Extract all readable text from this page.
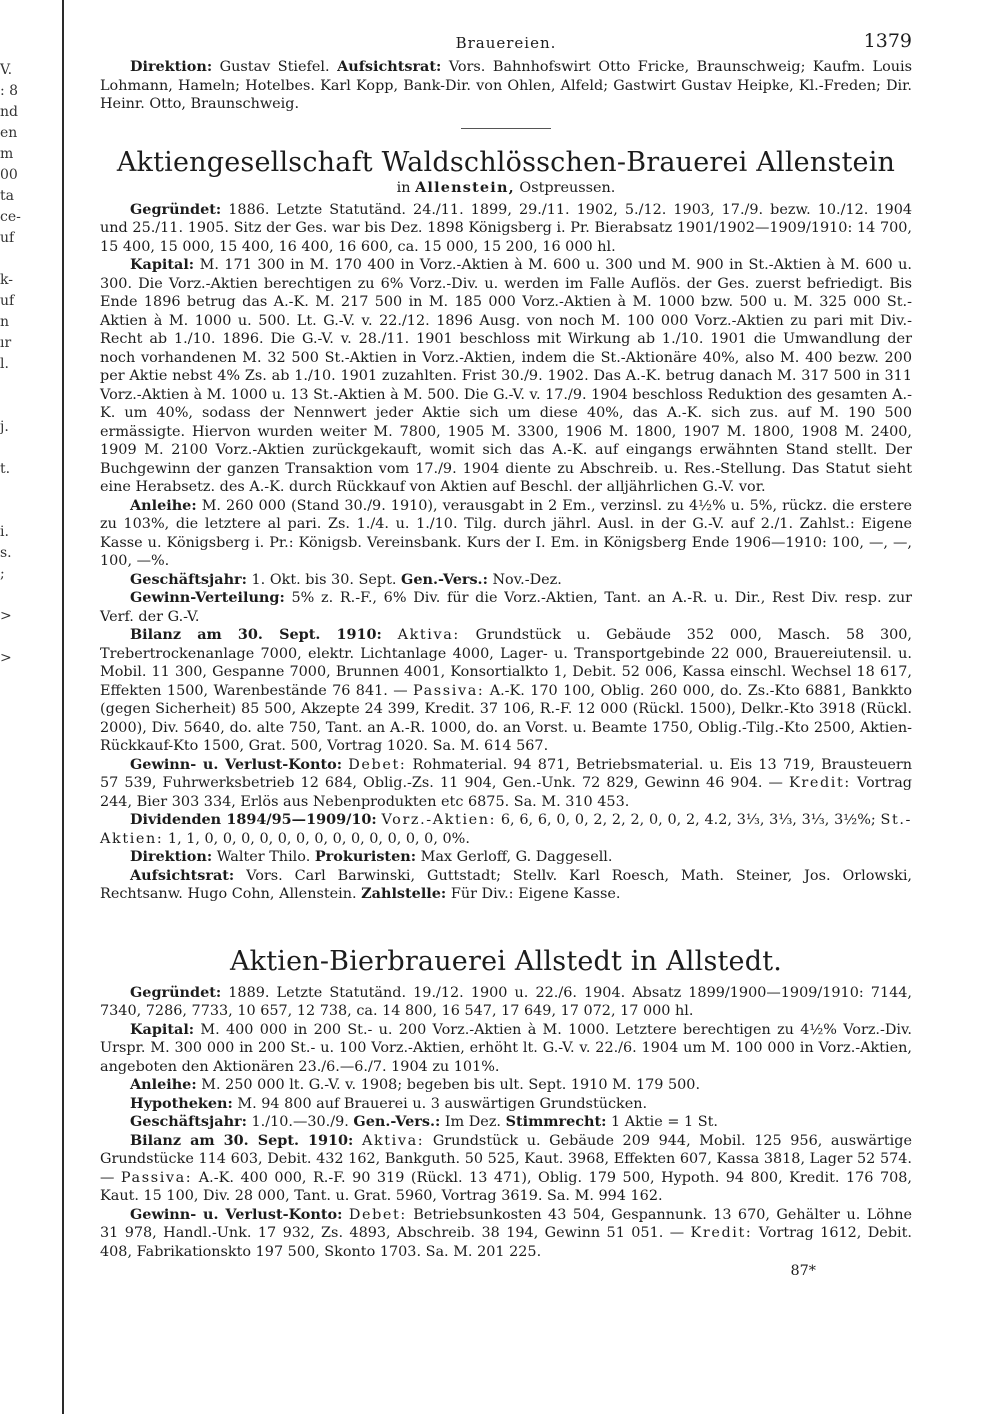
V.
: 8
nd
en
m
00
ta
ce-
uf
k-
uf
n
ır
l.
j.
t.
i.
s.
;
>
>
Brauereien.	1379

Direktion: Gustav Stiefel. Aufsichtsrat: Vors. Bahnhofswirt Otto Fricke, Braunschweig; Kaufm. Louis Lohmann, Hameln; Hotelbes. Karl Kopp, Bank-Dir. von Ohlen, Alfeld; Gastwirt Gustav Heipke, Kl.-Freden; Dir. Heinr. Otto, Braunschweig.

Aktiengesellschaft Waldschlösschen-Brauerei Allenstein
in Allenstein, Ostpreussen.

Gegründet: 1886. Letzte Statutänd. 24./11. 1899, 29./11. 1902, 5./12. 1903, 17./9. bezw. 10./12. 1904 und 25./11. 1905. Sitz der Ges. war bis Dez. 1898 Königsberg i. Pr. Bierabsatz 1901/1902—1909/1910: 14 700, 15 400, 15 000, 15 400, 16 400, 16 600, ca. 15 000, 15 200, 16 000 hl.

Kapital: M. 171 300 in M. 170 400 in Vorz.-Aktien à M. 600 u. 300 und M. 900 in St.-Aktien à M. 600 u. 300. Die Vorz.-Aktien berechtigen zu 6% Vorz.-Div. u. werden im Falle Auflös. der Ges. zuerst befriedigt. Bis Ende 1896 betrug das A.-K. M. 217 500 in M. 185 000 Vorz.-Aktien à M. 1000 bzw. 500 u. M. 325 000 St.-Aktien à M. 1000 u. 500. Lt. G.-V. v. 22./12. 1896 Ausg. von noch M. 100 000 Vorz.-Aktien zu pari mit Div.-Recht ab 1./10. 1896. Die G.-V. v. 28./11. 1901 beschloss mit Wirkung ab 1./10. 1901 die Umwandlung der noch vorhandenen M. 32 500 St.-Aktien in Vorz.-Aktien, indem die St.-Aktionäre 40%, also M. 400 bezw. 200 per Aktie nebst 4% Zs. ab 1./10. 1901 zuzahlten. Frist 30./9. 1902. Das A.-K. betrug danach M. 317 500 in 311 Vorz.-Aktien à M. 1000 u. 13 St.-Aktien à M. 500. Die G.-V. v. 17./9. 1904 beschloss Reduktion des gesamten A.-K. um 40%, sodass der Nennwert jeder Aktie sich um diese 40%, das A.-K. sich zus. auf M. 190 500 ermässigte. Hiervon wurden weiter M. 7800, 1905 M. 3300, 1906 M. 1800, 1907 M. 1800, 1908 M. 2400, 1909 M. 2100 Vorz.-Aktien zurückgekauft, womit sich das A.-K. auf eingangs erwähnten Stand stellt. Der Buchgewinn der ganzen Transaktion vom 17./9. 1904 diente zu Abschreib. u. Res.-Stellung. Das Statut sieht eine Herabsetz. des A.-K. durch Rückkauf von Aktien auf Beschl. der alljährlichen G.-V. vor.

Anleihe: M. 260 000 (Stand 30./9. 1910), verausgabt in 2 Em., verzinsl. zu 4½% u. 5%, rückz. die erstere zu 103%, die letztere al pari. Zs. 1./4. u. 1./10. Tilg. durch jährl. Ausl. in der G.-V. auf 2./1. Zahlst.: Eigene Kasse u. Königsberg i. Pr.: Königsb. Vereinsbank. Kurs der I. Em. in Königsberg Ende 1906—1910: 100, —, —, 100, —%.

Geschäftsjahr: 1. Okt. bis 30. Sept. Gen.-Vers.: Nov.-Dez.

Gewinn-Verteilung: 5% z. R.-F., 6% Div. für die Vorz.-Aktien, Tant. an A.-R. u. Dir., Rest Div. resp. zur Verf. der G.-V.

Bilanz am 30. Sept. 1910: Aktiva: Grundstück u. Gebäude 352 000, Masch. 58 300, Trebertrockenanlage 7000, elektr. Lichtanlage 4000, Lager- u. Transportgebinde 22 000, Brauereiutensil. u. Mobil. 11 300, Gespanne 7000, Brunnen 4001, Konsortialkto 1, Debit. 52 006, Kassa einschl. Wechsel 18 617, Effekten 1500, Warenbestände 76 841. — Passiva: A.-K. 170 100, Oblig. 260 000, do. Zs.-Kto 6881, Bankkto (gegen Sicherheit) 85 500, Akzepte 24 399, Kredit. 37 106, R.-F. 12 000 (Rückl. 1500), Delkr.-Kto 3918 (Rückl. 2000), Div. 5640, do. alte 750, Tant. an A.-R. 1000, do. an Vorst. u. Beamte 1750, Oblig.-Tilg.-Kto 2500, Aktien-Rückkauf-Kto 1500, Grat. 500, Vortrag 1020. Sa. M. 614 567.

Gewinn- u. Verlust-Konto: Debet: Rohmaterial. 94 871, Betriebsmaterial. u. Eis 13 719, Brausteuern 57 539, Fuhrwerksbetrieb 12 684, Oblig.-Zs. 11 904, Gen.-Unk. 72 829, Gewinn 46 904. — Kredit: Vortrag 244, Bier 303 334, Erlös aus Nebenprodukten etc 6875. Sa. M. 310 453.

Dividenden 1894/95—1909/10: Vorz.-Aktien: 6, 6, 6, 0, 0, 2, 2, 2, 0, 0, 2, 4.2, 3⅓, 3⅓, 3⅓, 3½%; St.-Aktien: 1, 1, 0, 0, 0, 0, 0, 0, 0, 0, 0, 0, 0, 0, 0, 0%.

Direktion: Walter Thilo. Prokuristen: Max Gerloff, G. Daggesell.

Aufsichtsrat: Vors. Carl Barwinski, Guttstadt; Stellv. Karl Roesch, Math. Steiner, Jos. Orlowski, Rechtsanw. Hugo Cohn, Allenstein. Zahlstelle: Für Div.: Eigene Kasse.

Aktien-Bierbrauerei Allstedt in Allstedt.

Gegründet: 1889. Letzte Statutänd. 19./12. 1900 u. 22./6. 1904. Absatz 1899/1900—1909/1910: 7144, 7340, 7286, 7733, 10 657, 12 738, ca. 14 800, 16 547, 17 649, 17 072, 17 000 hl.

Kapital: M. 400 000 in 200 St.- u. 200 Vorz.-Aktien à M. 1000. Letztere berechtigen zu 4½% Vorz.-Div. Urspr. M. 300 000 in 200 St.- u. 100 Vorz.-Aktien, erhöht lt. G.-V. v. 22./6. 1904 um M. 100 000 in Vorz.-Aktien, angeboten den Aktionären 23./6.—6./7. 1904 zu 101%.

Anleihe: M. 250 000 lt. G.-V. v. 1908; begeben bis ult. Sept. 1910 M. 179 500.

Hypotheken: M. 94 800 auf Brauerei u. 3 auswärtigen Grundstücken.

Geschäftsjahr: 1./10.—30./9. Gen.-Vers.: Im Dez. Stimmrecht: 1 Aktie = 1 St.

Bilanz am 30. Sept. 1910: Aktiva: Grundstück u. Gebäude 209 944, Mobil. 125 956, auswärtige Grundstücke 114 603, Debit. 432 162, Bankguth. 50 525, Kaut. 3968, Effekten 607, Kassa 3818, Lager 52 574. — Passiva: A.-K. 400 000, R.-F. 90 319 (Rückl. 13 471), Oblig. 179 500, Hypoth. 94 800, Kredit. 176 708, Kaut. 15 100, Div. 28 000, Tant. u. Grat. 5960, Vortrag 3619. Sa. M. 994 162.

Gewinn- u. Verlust-Konto: Debet: Betriebsunkosten 43 504, Gespannunk. 13 670, Gehälter u. Löhne 31 978, Handl.-Unk. 17 932, Zs. 4893, Abschreib. 38 194, Gewinn 51 051. — Kredit: Vortrag 1612, Debit. 408, Fabrikationskto 197 500, Skonto 1703. Sa. M. 201 225.

87*
